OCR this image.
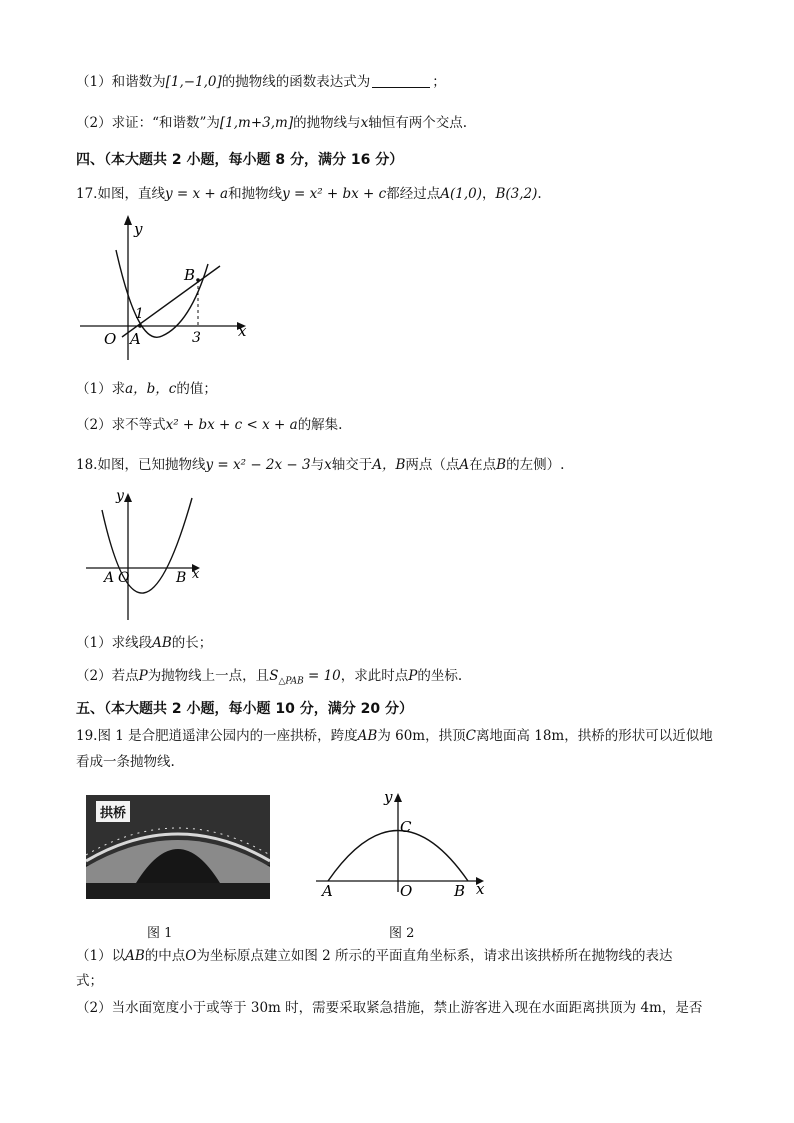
（1）和谐数为[1,−1,0]的抛物线的函数表达式为	；
（2）求证：“和谐数”为[1,m+3,m]的抛物线与x轴恒有两个交点.
四、（本大题共 2 小题，每小题 8 分，满分 16 分）
17.如图，直线y = x + a和抛物线y = x² + bx + c都经过点A(1,0)，B(3,2).
y
x
O A
B
1
3
（1）求a，b，c的值；
（2）求不等式x² + bx + c < x + a的解集.
18.如图，已知抛物线y = x² − 2x − 3与x轴交于A，B两点（点A在点B的左侧）.
y
x
O
A	B
（1）求线段AB的长；
（2）若点P为抛物线上一点，且$S_{\triangle PAB} = 10$，求此时点P的坐标.
五、（本大题共 2 小题，每小题 10 分，满分 20 分）
19.图 1 是合肥逍遥津公园内的一座拱桥，跨度AB为 60m，拱顶C离地面高 18m，拱桥的形状可以近似地
看成一条抛物线.
拱桥
y
x
C
O
A	B
图 1	图 2
（1）以AB的中点O为坐标原点建立如图 2 所示的平面直角坐标系，请求出该拱桥所在抛物线的表达
式；
（2）当水面宽度小于或等于 30m 时，需要采取紧急措施，禁止游客进入现在水面距离拱顶为 4m，是否
